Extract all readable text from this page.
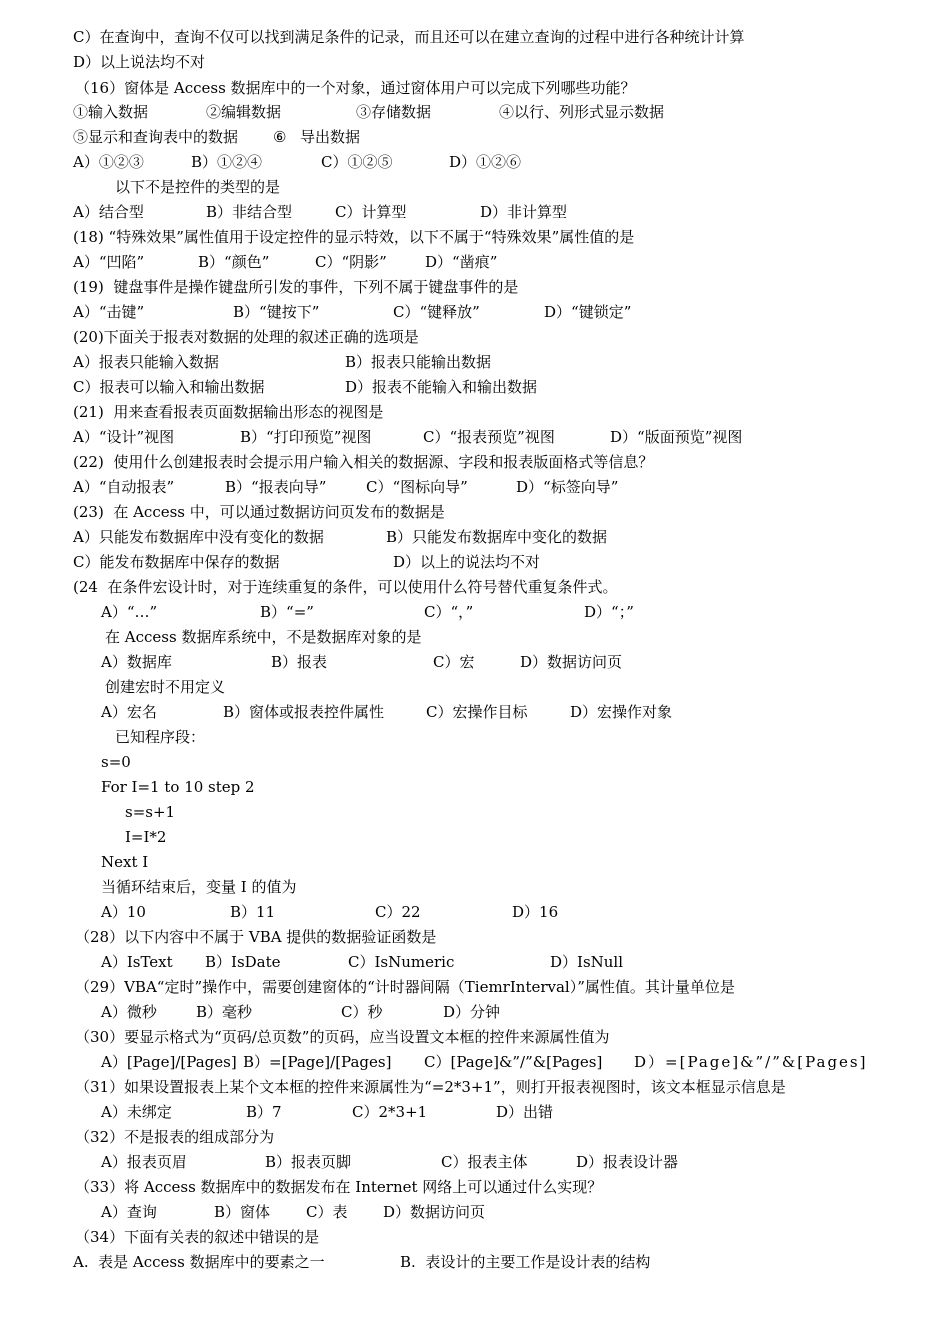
C）在查询中，查询不仅可以找到满足条件的记录，而且还可以在建立查询的过程中进行各种统计计算
D）以上说法均不对
（16）窗体是 Access 数据库中的一个对象，通过窗体用户可以完成下列哪些功能？
①输入数据	②编辑数据	③存储数据	④以行、列形式显示数据
⑤显示和查询表中的数据 ⑥ 导出数据
A）①②③	B）①②④	C）①②⑤	D）①②⑥
以下不是控件的类型的是
A）结合型	B）非结合型	C）计算型	D）非计算型
(18) “特殊效果”属性值用于设定控件的显示特效，以下不属于“特殊效果”属性值的是
A）“凹陷”	B）“颜色”	C）“阴影”	D）“凿痕”
(19)  键盘事件是操作键盘所引发的事件，下列不属于键盘事件的是
A）“击键”	B）“键按下”	C）“键释放”	D）“键锁定”
(20)下面关于报表对数据的处理的叙述正确的选项是
A）报表只能输入数据	B）报表只能输出数据
C）报表可以输入和输出数据	D）报表不能输入和输出数据
(21)  用来查看报表页面数据输出形态的视图是
A）“设计”视图	B）“打印预览”视图	C）“报表预览”视图	D）“版面预览”视图
(22)  使用什么创建报表时会提示用户输入相关的数据源、字段和报表版面格式等信息？
A）“自动报表”	B）“报表向导”	C）“图标向导”	D）“标签向导”
(23)  在 Access 中，可以通过数据访问页发布的数据是
A）只能发布数据库中没有变化的数据	B）只能发布数据库中变化的数据
C）能发布数据库中保存的数据	D）以上的说法均不对
(24  在条件宏设计时，对于连续重复的条件，可以使用什么符号替代重复条件式。
A）“…”	B）“=”	C）“，”	D）“；”
在 Access 数据库系统中，不是数据库对象的是
A）数据库	B）报表	C）宏	D）数据访问页
创建宏时不用定义
A）宏名	B）窗体或报表控件属性	C）宏操作目标	D）宏操作对象
已知程序段：
s=0
For I=1 to 10 step 2
s=s+1
I=I*2
Next I
当循环结束后，变量 I 的值为
A）10	B）11	C）22	D）16
（28）以下内容中不属于 VBA 提供的数据验证函数是
A）IsText B）IsDate	C）IsNumeric	D）IsNull
（29）VBA“定时”操作中，需要创建窗体的“计时器间隔（TiemrInterval）”属性值。其计量单位是
A）微秒	B）毫秒	C）秒	D）分钟
（30）要显示格式为“页码/总页数”的页码，应当设置文本框的控件来源属性值为
A）[Page]/[Pages] B）=[Page]/[Pages] C）[Page]&”/”&[Pages] D）=[Page]&”/”&[Pages]
（31）如果设置报表上某个文本框的控件来源属性为“=2*3+1”，则打开报表视图时，该文本框显示信息是
A）未绑定	B）7	C）2*3+1	D）出错
（32）不是报表的组成部分为
A）报表页眉	B）报表页脚	C）报表主体	D）报表设计器
（33）将 Access 数据库中的数据发布在 Internet 网络上可以通过什么实现？
A）查询	B）窗体 C）表 D）数据访问页
（34）下面有关表的叙述中错误的是
A.  表是 Access 数据库中的要素之一	B.  表设计的主要工作是设计表的结构
